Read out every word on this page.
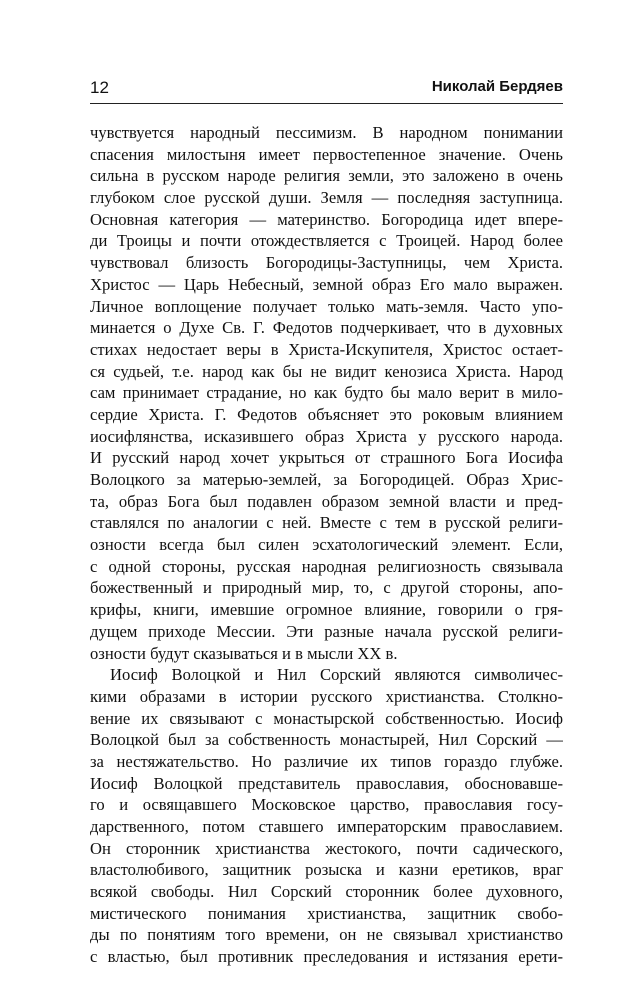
12	Николай Бердяев
чувствуется народный пессимизм. В народном понимании
спасения милостыня имеет первостепенное значение. Очень
сильна в русском народе религия земли, это заложено в очень
глубоком слое русской души. Земля — последняя заступница.
Основная категория — материнство. Богородица идет впере-
ди Троицы и почти отождествляется с Троицей. Народ более
чувствовал близость Богородицы-Заступницы, чем Христа.
Христос — Царь Небесный, земной образ Его мало выражен.
Личное воплощение получает только мать-земля. Часто упо-
минается о Духе Св. Г. Федотов подчеркивает, что в духовных
стихах недостает веры в Христа-Искупителя, Христос остает-
ся судьей, т.е. народ как бы не видит кенозиса Христа. Народ
сам принимает страдание, но как будто бы мало верит в мило-
сердие Христа. Г. Федотов объясняет это роковым влиянием
иосифлянства, исказившего образ Христа у русского народа.
И русский народ хочет укрыться от страшного Бога Иосифа
Волоцкого за матерью-землей, за Богородицей. Образ Хрис-
та, образ Бога был подавлен образом земной власти и пред-
ставлялся по аналогии с ней. Вместе с тем в русской религи-
озности всегда был силен эсхатологический элемент. Если,
с одной стороны, русская народная религиозность связывала
божественный и природный мир, то, с другой стороны, апо-
крифы, книги, имевшие огромное влияние, говорили о гря-
дущем приходе Мессии. Эти разные начала русской религи-
озности будут сказываться и в мысли XX в.
Иосиф Волоцкой и Нил Сорский являются символичес-
кими образами в истории русского христианства. Столкно-
вение их связывают с монастырской собственностью. Иосиф
Волоцкой был за собственность монастырей, Нил Сорский —
за нестяжательство. Но различие их типов гораздо глубже.
Иосиф Волоцкой представитель православия, обосновавше-
го и освящавшего Московское царство, православия госу-
дарственного, потом ставшего императорским православием.
Он сторонник христианства жестокого, почти садического,
властолюбивого, защитник розыска и казни еретиков, враг
всякой свободы. Нил Сорский сторонник более духовного,
мистического понимания христианства, защитник свобо-
ды по понятиям того времени, он не связывал христианство
с властью, был противник преследования и истязания ерети-
